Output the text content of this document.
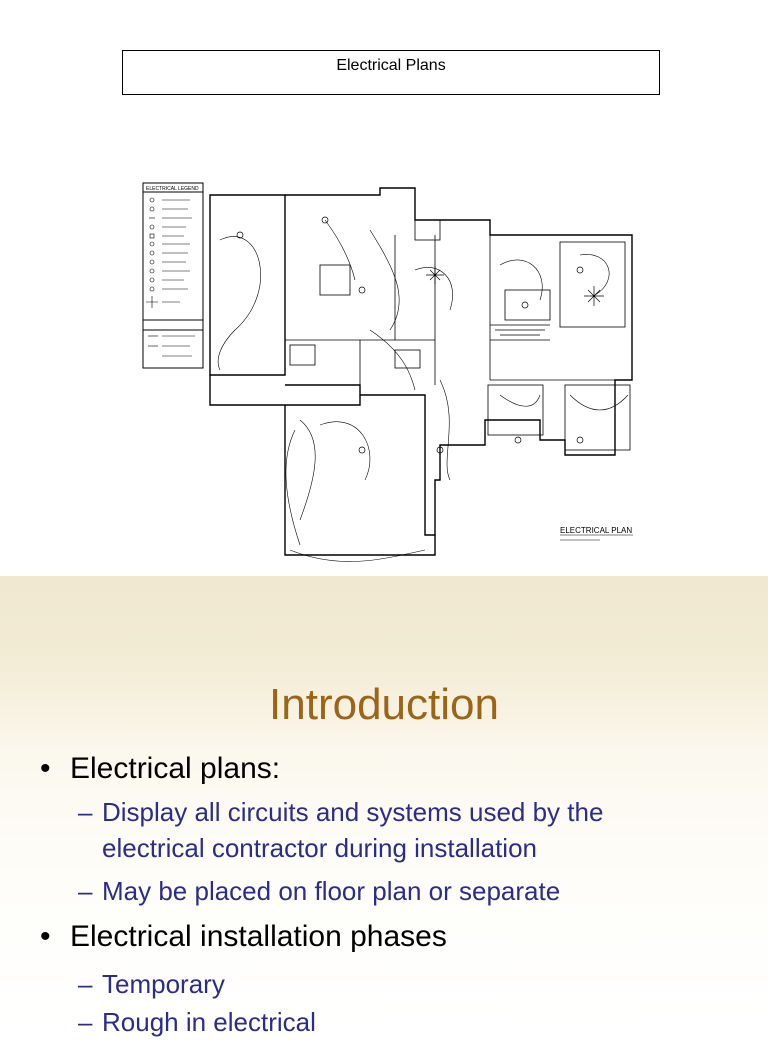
Electrical Plans
ELECTRICAL LEGEND
ELECTRICAL PLAN
Introduction
• Electrical plans:
– Display all circuits and systems used by the
electrical contractor during installation
– May be placed on floor plan or separate
• Electrical installation phases
– Temporary
– Rough in electrical
